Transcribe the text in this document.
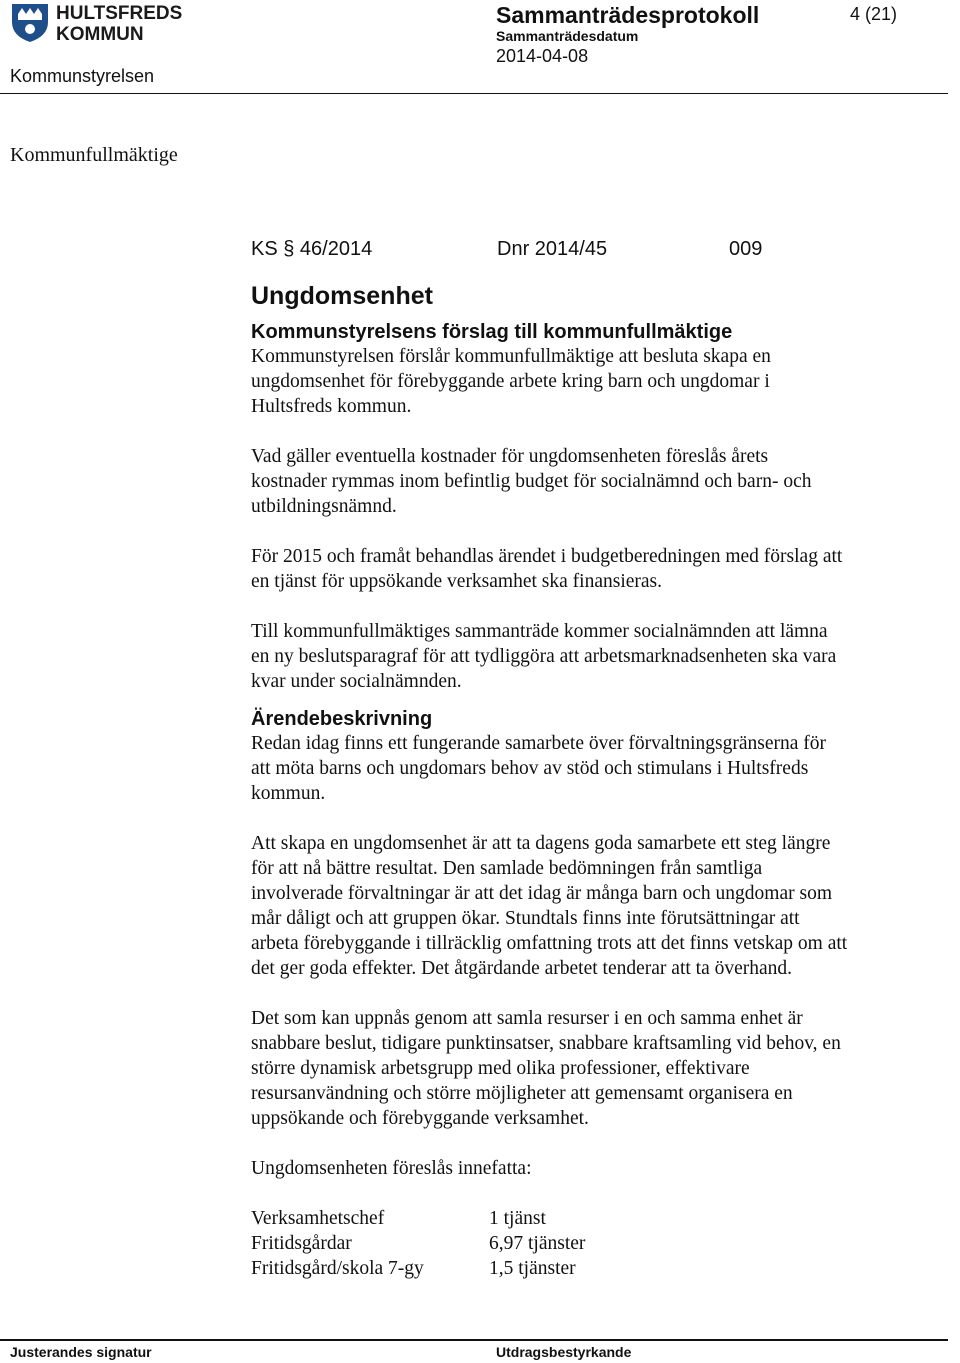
HULTSFREDS
KOMMUN
Kommunstyrelsen
Sammanträdesprotokoll	4 (21)
Sammanträdesdatum
2014-04-08
Kommunfullmäktige
KS § 46/2014	Dnr 2014/45	009
Ungdomsenhet
Kommunstyrelsens förslag till kommunfullmäktige

Kommunstyrelsen förslår kommunfullmäktige att besluta skapa en
ungdomsenhet för förebyggande arbete kring barn och ungdomar i
Hultsfreds kommun.

Vad gäller eventuella kostnader för ungdomsenheten föreslås årets
kostnader rymmas inom befintlig budget för socialnämnd och barn- och
utbildningsnämnd.

För 2015 och framåt behandlas ärendet i budgetberedningen med förslag att
en tjänst för uppsökande verksamhet ska finansieras.

Till kommunfullmäktiges sammanträde kommer socialnämnden att lämna
en ny beslutsparagraf för att tydliggöra att arbetsmarknadsenheten ska vara
kvar under socialnämnden.

Ärendebeskrivning

Redan idag finns ett fungerande samarbete över förvaltningsgränserna för
att möta barns och ungdomars behov av stöd och stimulans i Hultsfreds
kommun.

Att skapa en ungdomsenhet är att ta dagens goda samarbete ett steg längre
för att nå bättre resultat. Den samlade bedömningen från samtliga
involverade förvaltningar är att det idag är många barn och ungdomar som
mår dåligt och att gruppen ökar. Stundtals finns inte förutsättningar att
arbeta förebyggande i tillräcklig omfattning trots att det finns vetskap om att
det ger goda effekter. Det åtgärdande arbetet tenderar att ta överhand.

Det som kan uppnås genom att samla resurser i en och samma enhet är
snabbare beslut, tidigare punktinsatser, snabbare kraftsamling vid behov, en
större dynamisk arbetsgrupp med olika professioner, effektivare
resursanvändning och större möjligheter att gemensamt organisera en
uppsökande och förebyggande verksamhet.

Ungdomsenheten föreslås innefatta:

Verksamhetschef	1 tjänst
Fritidsgårdar	6,97 tjänster
Fritidsgård/skola 7-gy	1,5 tjänster
Justerandes signatur	Utdragsbestyrkande
